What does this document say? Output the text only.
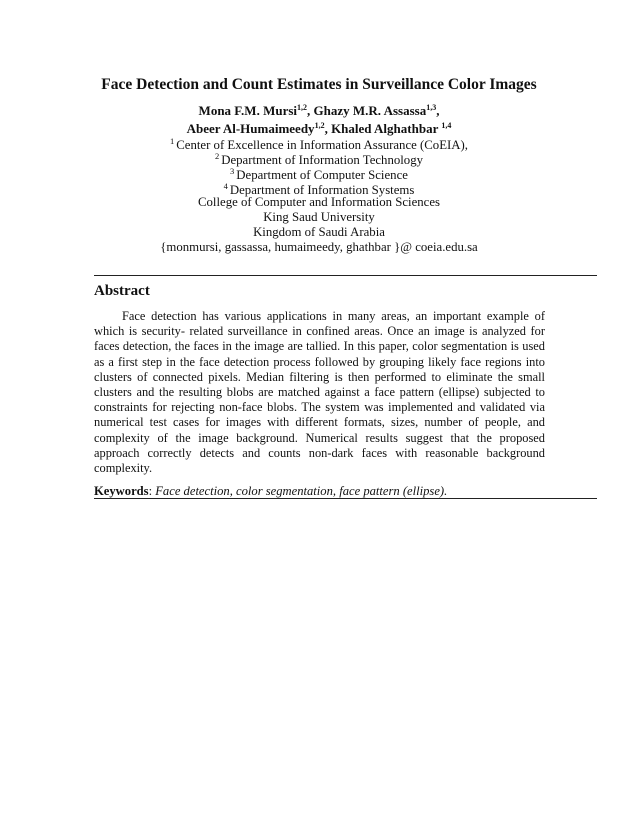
Face Detection and Count Estimates in Surveillance Color Images
Mona F.M. Mursi$^{1,2}$, Ghazy M.R. Assassa$^{1,3}$,
Abeer Al-Humaimeedy$^{1,2}$, Khaled Alghathbar $^{1,4}$
$^1$ Center of Excellence in Information Assurance (CoEIA),
$^2$ Department of Information Technology
$^3$ Department of Computer Science
$^4$ Department of Information Systems
College of Computer and Information Sciences
King Saud University
Kingdom of Saudi Arabia
{monmursi, gassassa, humaimeedy, ghathbar }@ coeia.edu.sa
Abstract
Face detection has various applications in many areas, an important example of which is security- related surveillance in confined areas. Once an image is analyzed for faces detection, the faces in the image are tallied. In this paper, color segmentation is used as a first step in the face detection process followed by grouping likely face regions into clusters of connected pixels. Median filtering is then performed to eliminate the small clusters and the resulting blobs are matched against a face pattern (ellipse) subjected to constraints for rejecting non-face blobs. The system was implemented and validated via numerical test cases for images with different formats, sizes, number of people, and complexity of the image background. Numerical results suggest that the proposed approach correctly detects and counts non-dark faces with reasonable background complexity.
Keywords: Face detection, color segmentation, face pattern (ellipse).
